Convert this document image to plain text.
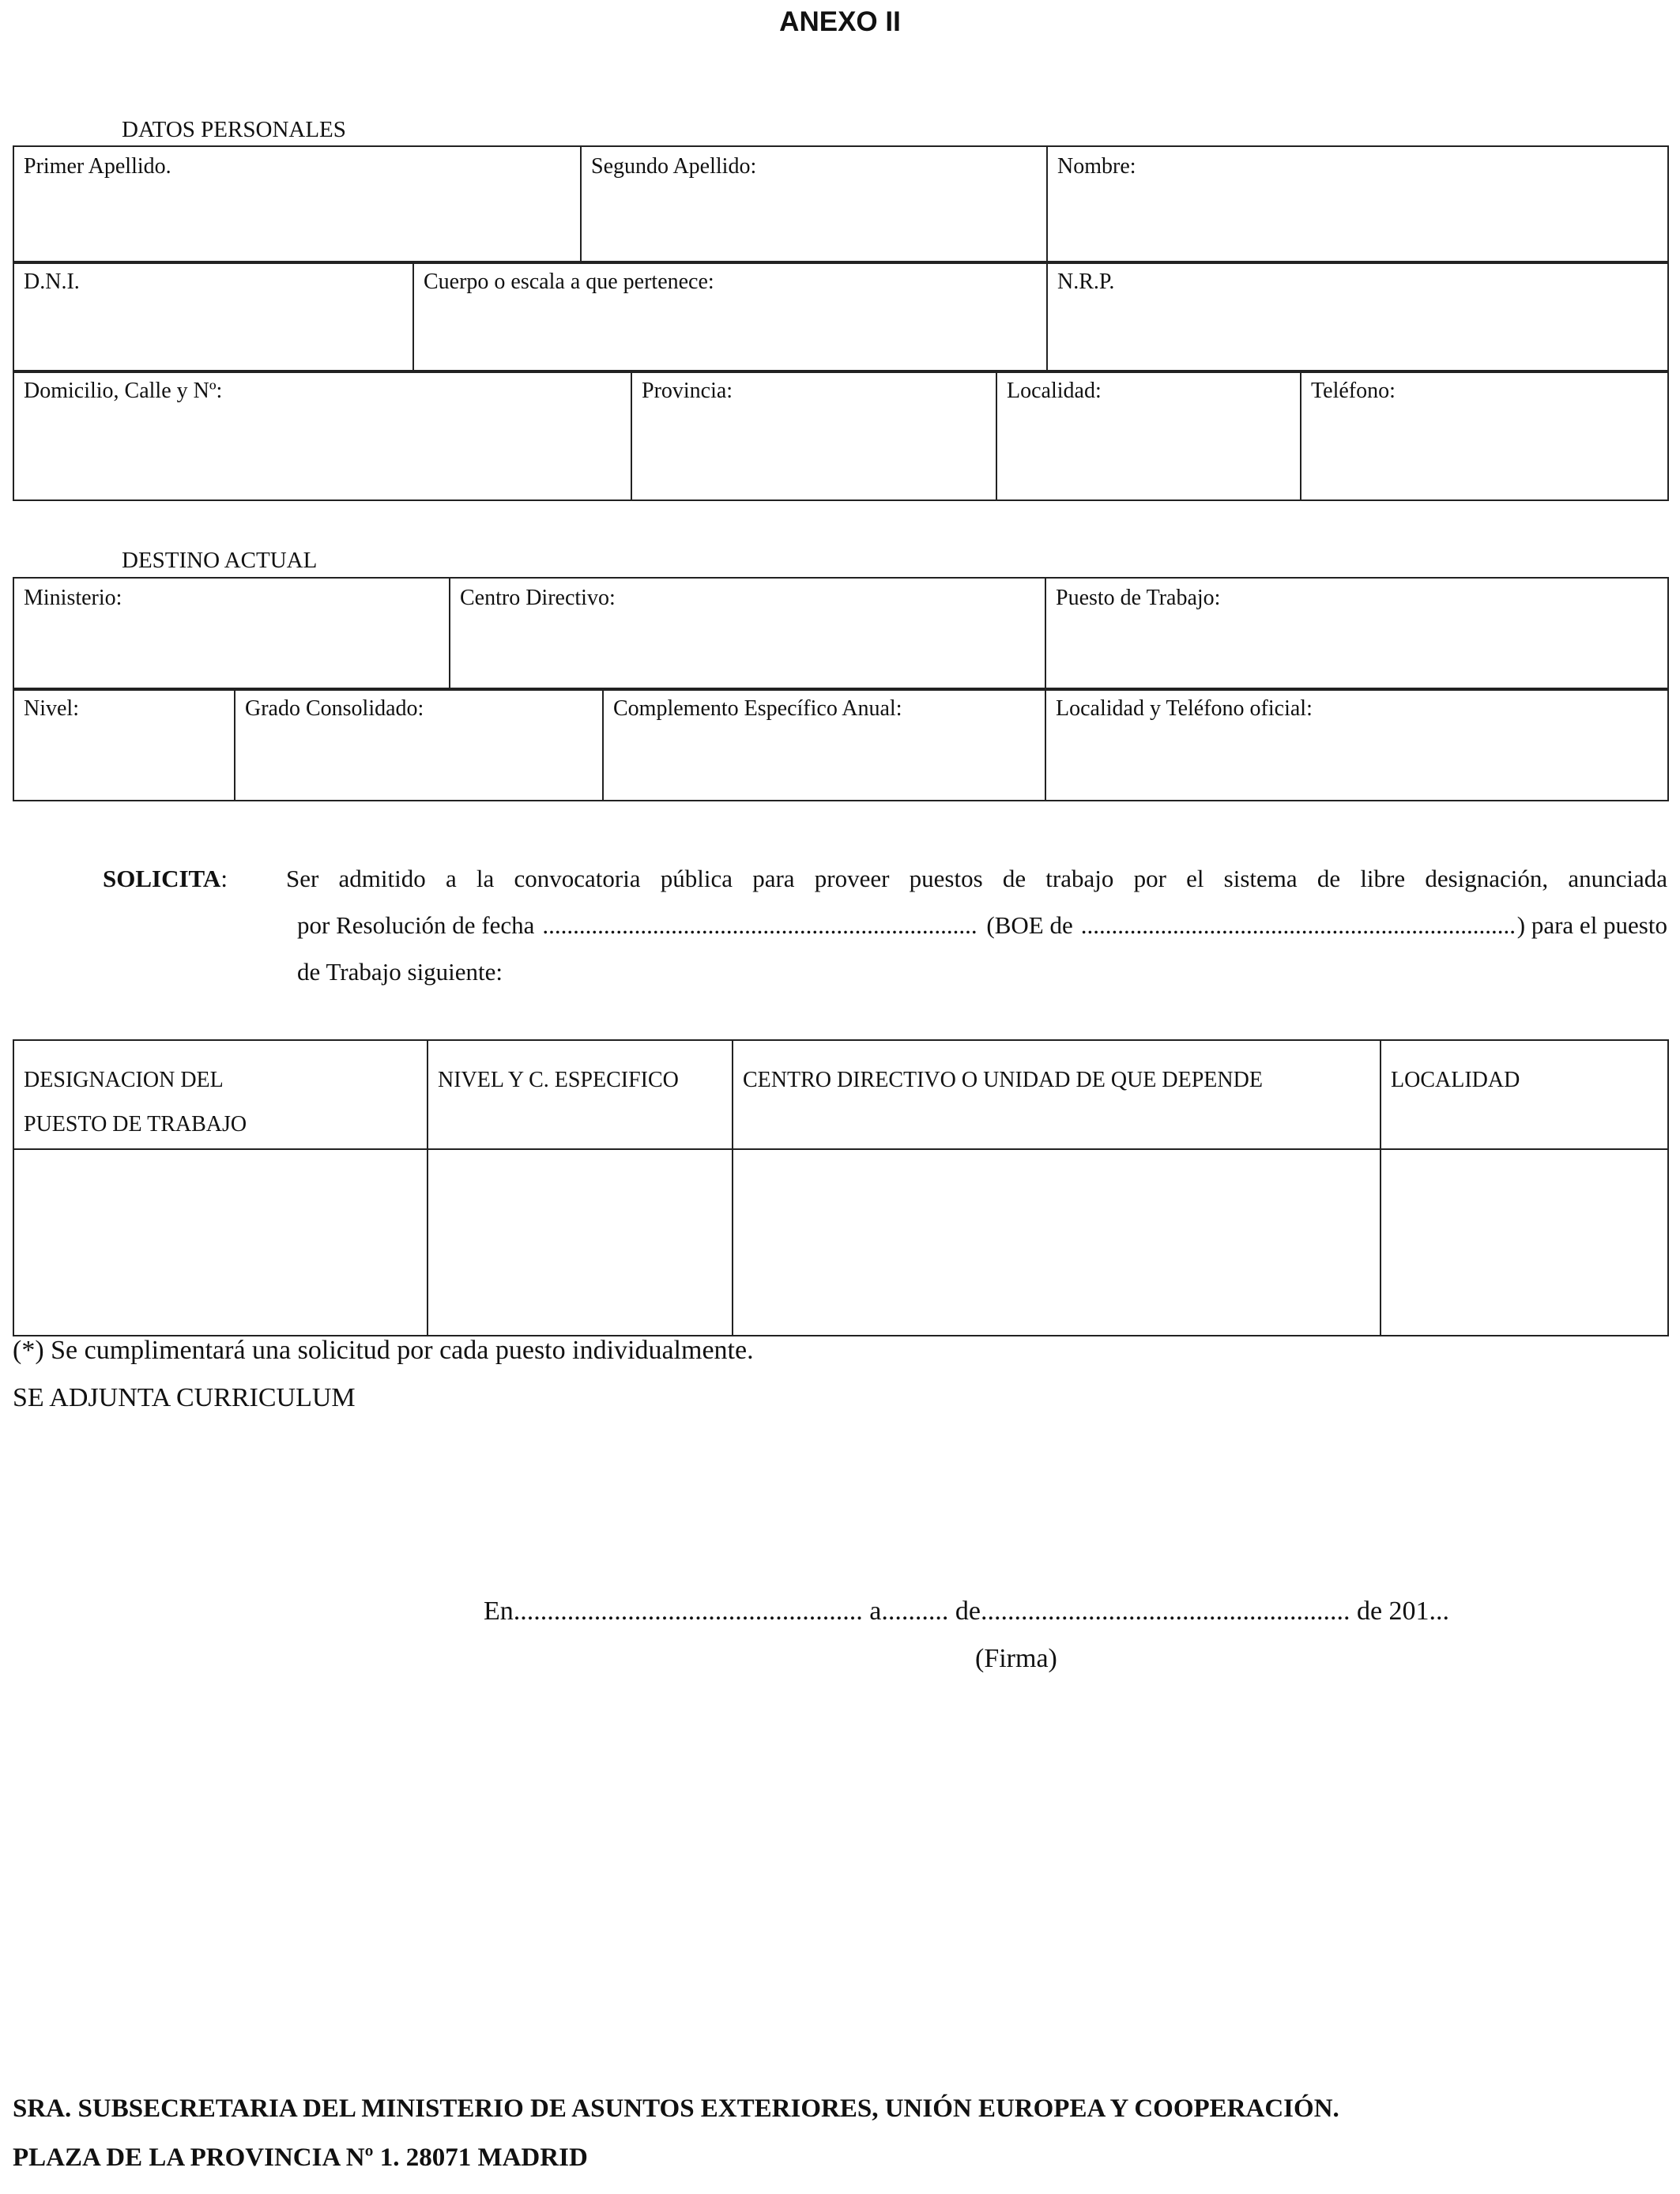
ANEXO II
DATOS PERSONALES
Primer Apellido.	Segundo Apellido:	Nombre:
D.N.I.	Cuerpo o escala a que pertenece:	N.R.P.
Domicilio, Calle y Nº:	Provincia:	Localidad:	Teléfono:
DESTINO ACTUAL
Ministerio:	Centro Directivo:	Puesto de Trabajo:
Nivel:	Grado Consolidado:	Complemento Específico Anual:	Localidad y Teléfono oficial:
SOLICITA: Ser admitido a la convocatoria pública para proveer puestos de trabajo por el sistema de libre designación, anunciada
por Resolución de fecha .....	(BOE de .....	) para el puesto
de Trabajo siguiente:
DESIGNACION DEL
PUESTO DE TRABAJO	NIVEL Y C. ESPECIFICO	CENTRO DIRECTIVO O UNIDAD DE QUE DEPENDE	LOCALIDAD

(*) Se cumplimentará una solicitud por cada puesto individualmente.
SE ADJUNTA CURRICULUM
En.................................................... a.......... de....................................................... de 201...
(Firma)
SRA. SUBSECRETARIA DEL MINISTERIO DE ASUNTOS EXTERIORES, UNIÓN EUROPEA Y COOPERACIÓN.
PLAZA DE LA PROVINCIA Nº 1. 28071 MADRID
